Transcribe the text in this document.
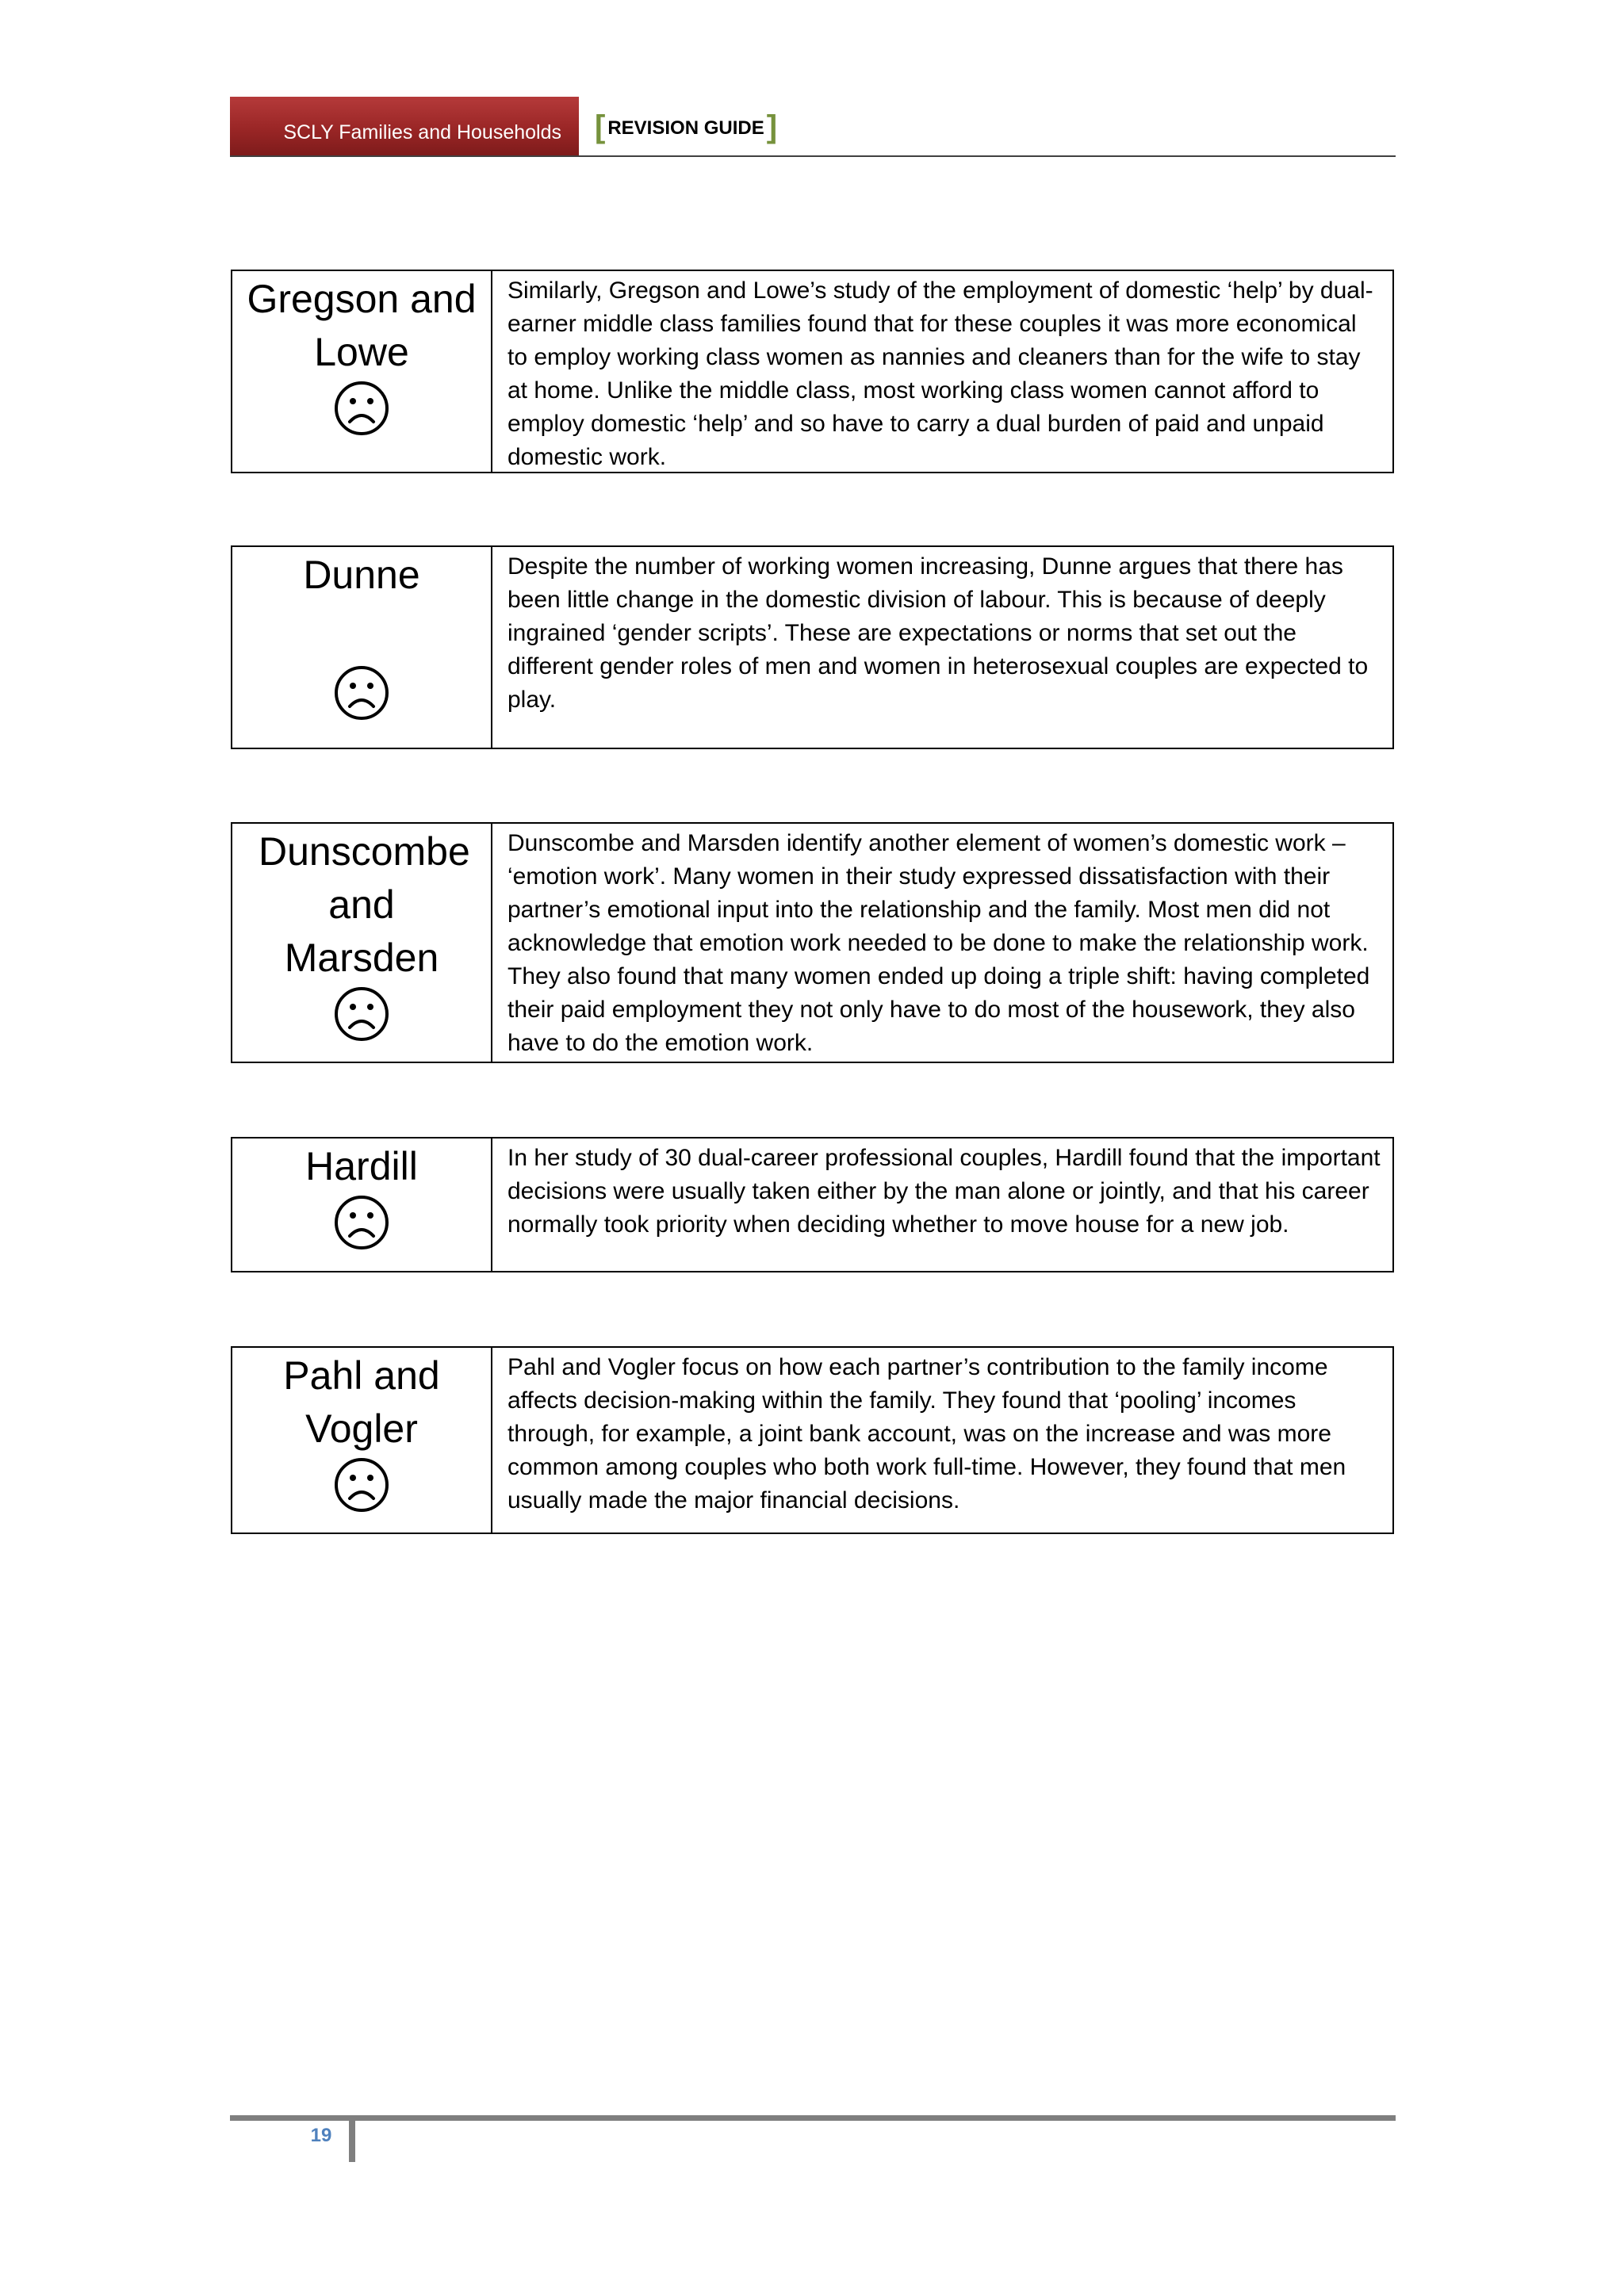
SCLY Families and Households [ REVISION GUIDE]
Gregson and Lowe
Similarly, Gregson and Lowe’s study of the employment of domestic ‘help’ by dual-earner middle class families found that for these couples it was more economical to employ working class women as nannies and cleaners than for the wife to stay at home. Unlike the middle class, most working class women cannot afford to employ domestic ‘help’ and so have to carry a dual burden of paid and unpaid domestic work.
Dunne	Despite the number of working women increasing, Dunne argues that there has been little change in the domestic division of labour. This is because of deeply ingrained ‘gender scripts’. These are expectations or norms that set out the different gender roles of men and women in heterosexual couples are expected to play.
Dunscombe and Marsden
Dunscombe and Marsden identify another element of women’s domestic work – ‘emotion work’. Many women in their study expressed dissatisfaction with their partner’s emotional input into the relationship and the family. Most men did not acknowledge that emotion work needed to be done to make the relationship work. They also found that many women ended up doing a triple shift: having completed their paid employment they not only have to do most of the housework, they also have to do the emotion work.
Hardill	In her study of 30 dual-career professional couples, Hardill found that the important decisions were usually taken either by the man alone or jointly, and that his career normally took priority when deciding whether to move house for a new job.
Pahl and Vogler
Pahl and Vogler focus on how each partner’s contribution to the family income affects decision-making within the family. They found that ‘pooling’ incomes through, for example, a joint bank account, was on the increase and was more common among couples who both work full-time. However, they found that men usually made the major financial decisions.
19
